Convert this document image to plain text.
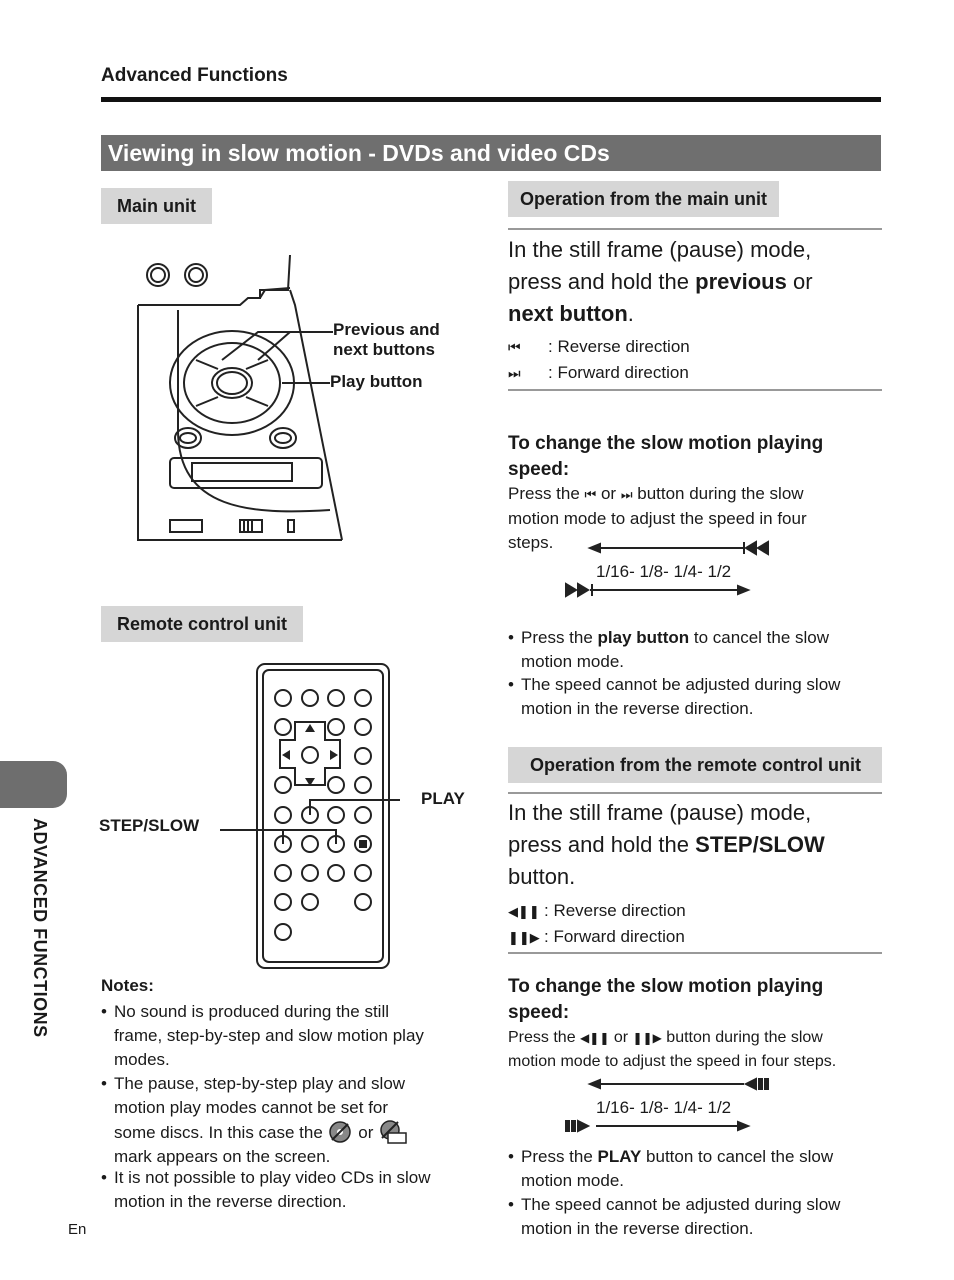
Advanced Functions
Viewing in slow motion - DVDs and video CDs
Main unit
Previous and
next buttons
Play button
Remote control unit
PLAY
STEP/SLOW
Notes:
• No sound is produced during the still
frame, step-by-step and slow motion play
modes.
• The pause, step-by-step play and slow
motion play modes cannot be set for
some discs. In this case the or
mark appears on the screen.
• It is not possible to play video CDs in slow
motion in the reverse direction.
ADVANCED FUNCTIONS
En
Operation from the main unit
In the still frame (pause) mode,
press and hold the previous or
next button.
⏮ : Reverse direction
⏭ : Forward direction
To change the slow motion playing
speed:
Press the ⏮ or ⏭ button during the slow
motion mode to adjust the speed in four
steps.
1/16- 1/8- 1/4- 1/2
• Press the play button to cancel the slow
motion mode.
• The speed cannot be adjusted during slow
motion in the reverse direction.
Operation from the remote control unit
In the still frame (pause) mode,
press and hold the STEP/SLOW
button.
◀❚❚ : Reverse direction
❚❚▶ : Forward direction
To change the slow motion playing
speed:
Press the ◀❚❚ or ❚❚▶ button during the slow
motion mode to adjust the speed in four steps.
1/16- 1/8- 1/4- 1/2
• Press the PLAY button to cancel the slow
motion mode.
• The speed cannot be adjusted during slow
motion in the reverse direction.
